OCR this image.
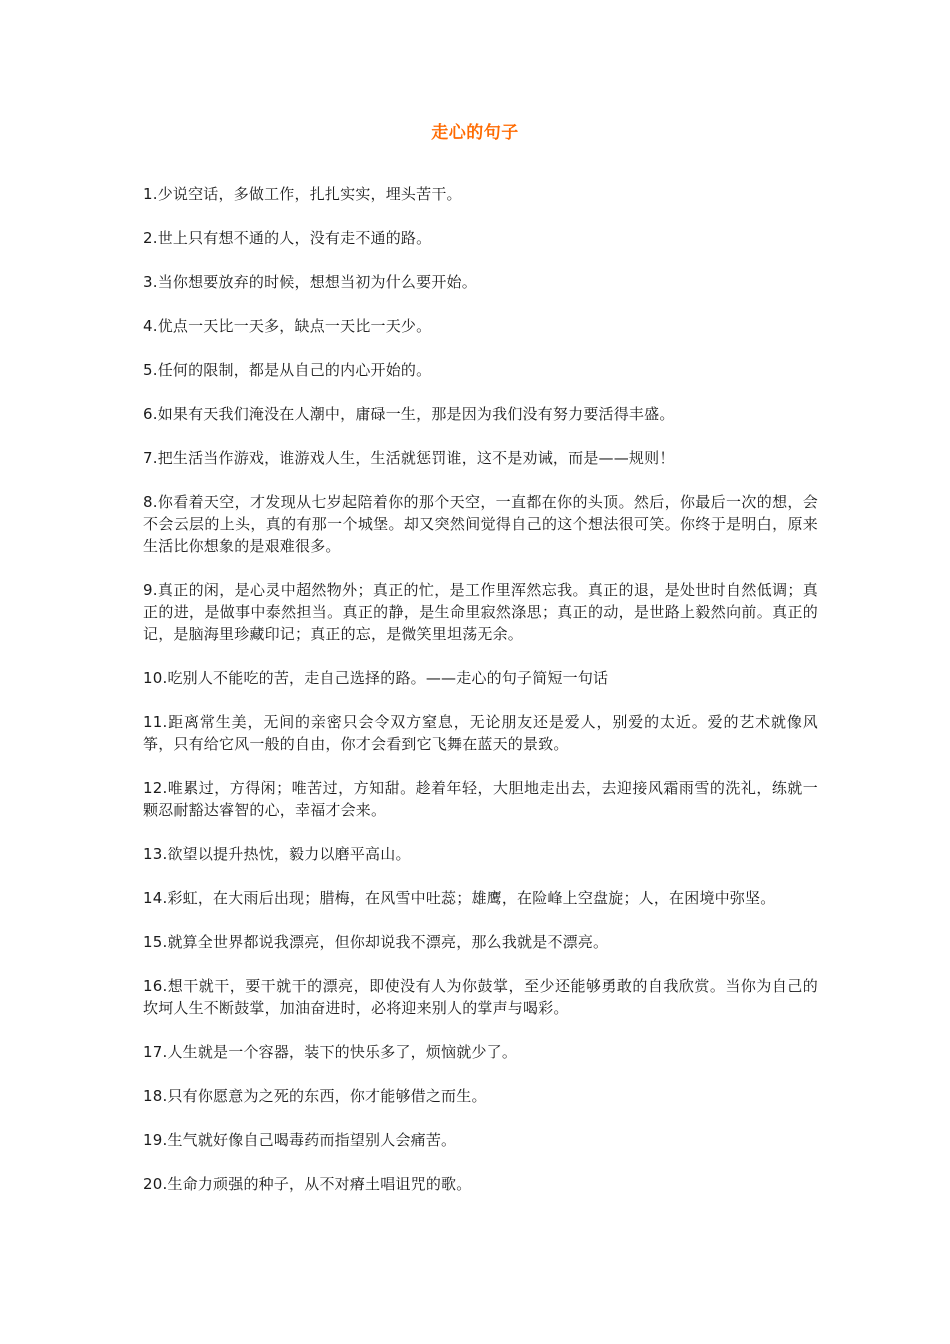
走心的句子

1.少说空话，多做工作，扎扎实实，埋头苦干。

2.世上只有想不通的人，没有走不通的路。

3.当你想要放弃的时候，想想当初为什么要开始。

4.优点一天比一天多，缺点一天比一天少。

5.任何的限制，都是从自己的内心开始的。

6.如果有天我们淹没在人潮中，庸碌一生，那是因为我们没有努力要活得丰盛。

7.把生活当作游戏，谁游戏人生，生活就惩罚谁，这不是劝诫，而是——规则！

8.你看着天空，才发现从七岁起陪着你的那个天空，一直都在你的头顶。然后，你最后一次的想，会不会云层的上头，真的有那一个城堡。却又突然间觉得自己的这个想法很可笑。你终于是明白，原来生活比你想象的是艰难很多。

9.真正的闲，是心灵中超然物外；真正的忙，是工作里浑然忘我。真正的退，是处世时自然低调；真正的进，是做事中泰然担当。真正的静，是生命里寂然涤思；真正的动，是世路上毅然向前。真正的记，是脑海里珍藏印记；真正的忘，是微笑里坦荡无余。

10.吃别人不能吃的苦，走自己选择的路。——走心的句子简短一句话

11.距离常生美，无间的亲密只会令双方窒息，无论朋友还是爱人，别爱的太近。爱的艺术就像风筝，只有给它风一般的自由，你才会看到它飞舞在蓝天的景致。

12.唯累过，方得闲；唯苦过，方知甜。趁着年轻，大胆地走出去，去迎接风霜雨雪的洗礼，练就一颗忍耐豁达睿智的心，幸福才会来。

13.欲望以提升热忱，毅力以磨平高山。

14.彩虹，在大雨后出现；腊梅，在风雪中吐蕊；雄鹰，在险峰上空盘旋；人，在困境中弥坚。

15.就算全世界都说我漂亮，但你却说我不漂亮，那么我就是不漂亮。

16.想干就干，要干就干的漂亮，即使没有人为你鼓掌，至少还能够勇敢的自我欣赏。当你为自己的坎坷人生不断鼓掌，加油奋进时，必将迎来别人的掌声与喝彩。

17.人生就是一个容器，装下的快乐多了，烦恼就少了。

18.只有你愿意为之死的东西，你才能够借之而生。

19.生气就好像自己喝毒药而指望别人会痛苦。

20.生命力顽强的种子，从不对瘠土唱诅咒的歌。
